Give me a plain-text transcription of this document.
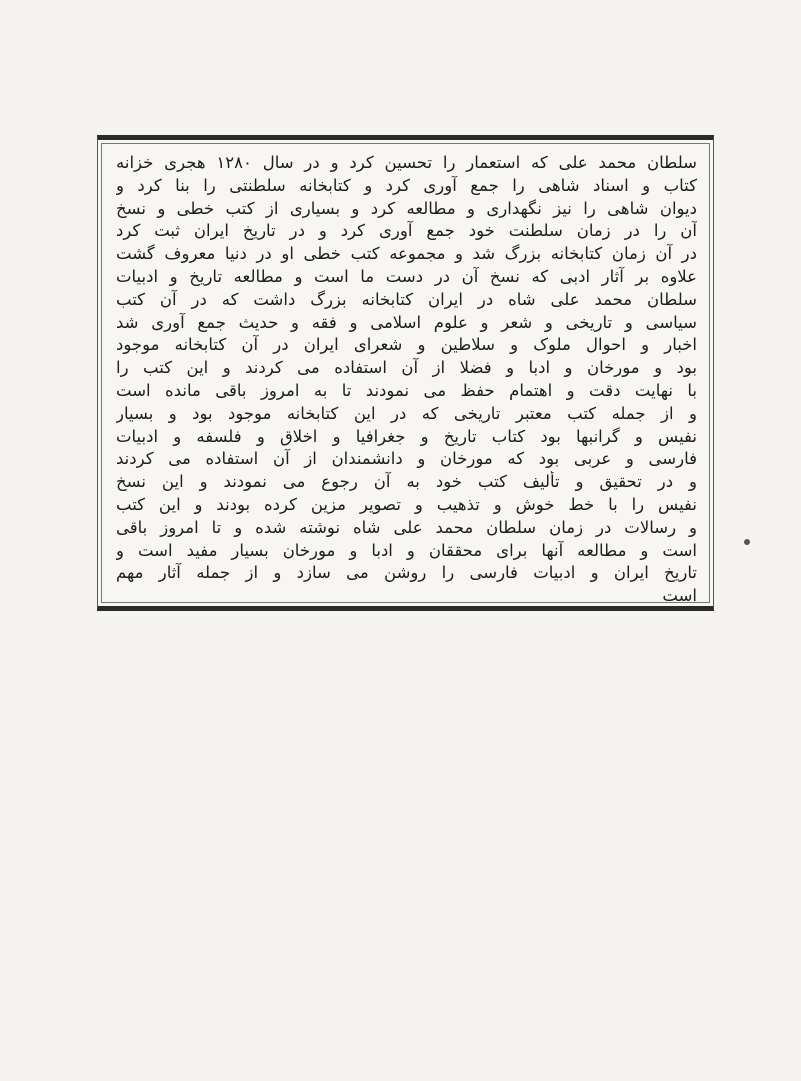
سلطان محمد علی که استعمار را تحسین کرد و در سال ۱۲۸۰ هجری خزانه
کتاب و اسناد شاهی را جمع آوری کرد و کتابخانه سلطنتی را بنا کرد و
دیوان شاهی را نیز نگهداری و مطالعه کرد و بسیاری از کتب خطی و نسخ
آن را در زمان سلطنت خود جمع آوری کرد و در تاریخ ایران ثبت کرد
در آن زمان کتابخانه بزرگ شد و مجموعه کتب خطی او در دنیا معروف گشت
علاوه بر آثار ادبی که نسخ آن در دست ما است و مطالعه تاریخ و ادبیات
سلطان محمد علی شاه در ایران کتابخانه بزرگ داشت که در آن کتب
سیاسی و تاریخی و شعر و علوم اسلامی و فقه و حدیث جمع آوری شد
اخبار و احوال ملوک و سلاطین و شعرای ایران در آن کتابخانه موجود
بود و مورخان و ادبا و فضلا از آن استفاده می کردند و این کتب را
با نهایت دقت و اهتمام حفظ می نمودند تا به امروز باقی مانده است
و از جمله کتب معتبر تاریخی که در این کتابخانه موجود بود و بسیار
نفیس و گرانبها بود کتاب تاریخ و جغرافیا و اخلاق و فلسفه و ادبیات
فارسی و عربی بود که مورخان و دانشمندان از آن استفاده می کردند
و در تحقیق و تألیف کتب خود به آن رجوع می نمودند و این نسخ
نفیس را با خط خوش و تذهیب و تصویر مزین کرده بودند و این کتب
و رسالات در زمان سلطان محمد علی شاه نوشته شده و تا امروز باقی
است و مطالعه آنها برای محققان و ادبا و مورخان بسیار مفید است و
تاریخ ایران و ادبیات فارسی را روشن می سازد و از جمله آثار مهم
است
